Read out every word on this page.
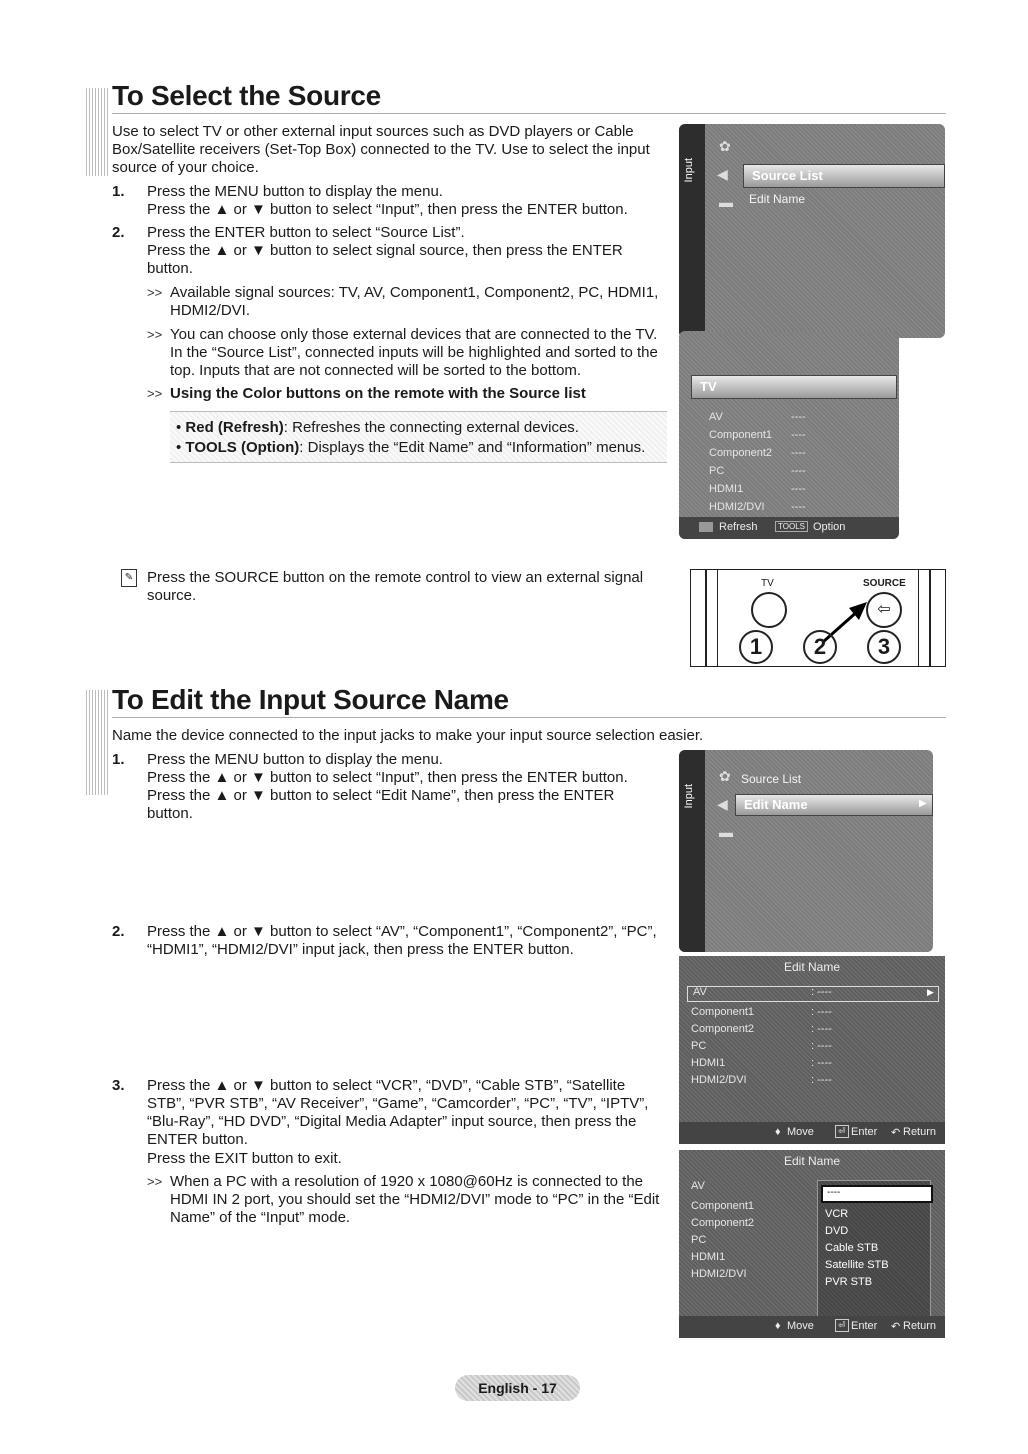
To Select the Source
Use to select TV or other external input sources such as DVD players or Cable Box/Satellite receivers (Set-Top Box) connected to the TV. Use to select the input source of your choice.
1. Press the MENU button to display the menu.
Press the ▲ or ▼ button to select “Input”, then press the ENTER button.
2. Press the ENTER button to select “Source List”.
Press the ▲ or ▼ button to select signal source, then press the ENTER button.
>> Available signal sources: TV, AV, Component1, Component2, PC, HDMI1, HDMI2/DVI.
>> You can choose only those external devices that are connected to the TV. In the “Source List”, connected inputs will be highlighted and sorted to the top. Inputs that are not connected will be sorted to the bottom.
>> Using the Color buttons on the remote with the Source list
• Red (Refresh): Refreshes the connecting external devices.
• TOOLS (Option): Displays the “Edit Name” and “Information” menus.
✎ Press the SOURCE button on the remote control to view an external signal source.
Input
✿
◀
▬
Source List
Edit Name
TV
AV	----
Component1 ----
Component2 ----
PC	----
HDMI1	----
HDMI2/DVI ----
Refresh	TOOLS Option
TV	SOURCE
⇦
1	2	3
To Edit the Input Source Name
Name the device connected to the input jacks to make your input source selection easier.
1. Press the MENU button to display the menu.
Press the ▲ or ▼ button to select “Input”, then press the ENTER button.
Press the ▲ or ▼ button to select “Edit Name”, then press the ENTER button.
2. Press the ▲ or ▼ button to select “AV”, “Component1”, “Component2”, “PC”, “HDMI1”, “HDMI2/DVI” input jack, then press the ENTER button.
3. Press the ▲ or ▼ button to select “VCR”, “DVD”, “Cable STB”, “Satellite STB”, “PVR STB”, “AV Receiver”, “Game”, “Camcorder”, “PC”, “TV”, “IPTV”, “Blu-Ray”, “HD DVD”, “Digital Media Adapter” input source, then press the ENTER button.
Press the EXIT button to exit.
>> When a PC with a resolution of 1920 x 1080@60Hz is connected to the HDMI IN 2 port, you should set the “HDMI2/DVI” mode to “PC” in the “Edit Name” of the “Input” mode.
Input
✿
◀
▬
Source List
Edit Name	▶
Edit Name
AV	: ----	▶
Component1	: ----
Component2	: ----
PC	: ----
HDMI1	: ----
HDMI2/DVI	: ----
♦ Move	⏎ Enter ↶ Return
Edit Name
AV
Component1
Component2
PC
HDMI1
HDMI2/DVI
----
VCR
DVD
Cable STB
Satellite STB
PVR STB
♦ Move	⏎ Enter ↶ Return
English - 17
